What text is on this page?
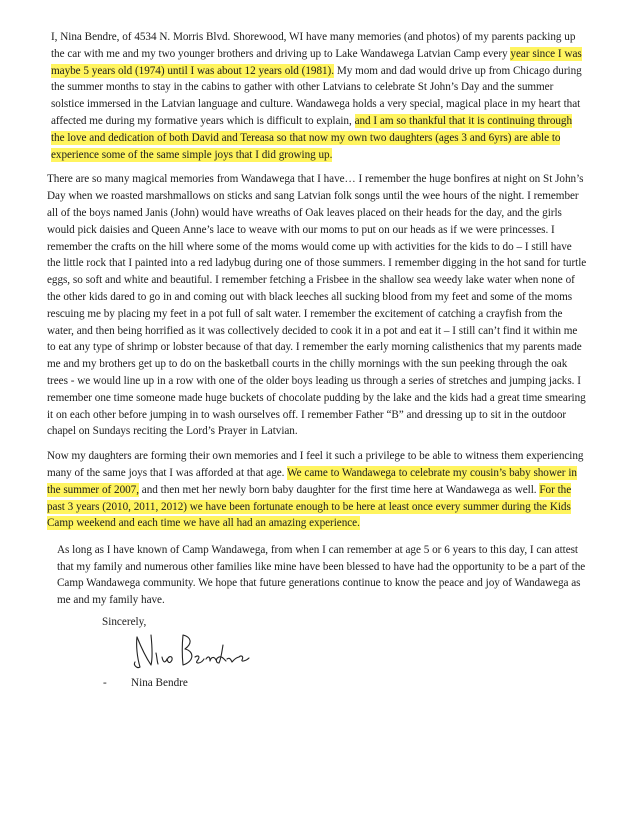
I, Nina Bendre, of 4534 N. Morris Blvd. Shorewood, WI have many memories (and photos) of my parents packing up the car with me and my two younger brothers and driving up to Lake Wandawega Latvian Camp every year since I was maybe 5 years old (1974) until I was about 12 years old (1981). My mom and dad would drive up from Chicago during the summer months to stay in the cabins to gather with other Latvians to celebrate St John’s Day and the summer solstice immersed in the Latvian language and culture. Wandawega holds a very special, magical place in my heart that affected me during my formative years which is difficult to explain, and I am so thankful that it is continuing through the love and dedication of both David and Tereasa so that now my own two daughters (ages 3 and 6yrs) are able to experience some of the same simple joys that I did growing up.

There are so many magical memories from Wandawega that I have… I remember the huge bonfires at night on St John’s Day when we roasted marshmallows on sticks and sang Latvian folk songs until the wee hours of the night. I remember all of the boys named Janis (John) would have wreaths of Oak leaves placed on their heads for the day, and the girls would pick daisies and Queen Anne’s lace to weave with our moms to put on our heads as if we were princesses. I remember the crafts on the hill where some of the moms would come up with activities for the kids to do – I still have the little rock that I painted into a red ladybug during one of those summers. I remember digging in the hot sand for turtle eggs, so soft and white and beautiful. I remember fetching a Frisbee in the shallow sea weedy lake water when none of the other kids dared to go in and coming out with black leeches all sucking blood from my feet and some of the moms rescuing me by placing my feet in a pot full of salt water. I remember the excitement of catching a crayfish from the water, and then being horrified as it was collectively decided to cook it in a pot and eat it – I still can’t find it within me to eat any type of shrimp or lobster because of that day. I remember the early morning calisthenics that my parents made me and my brothers get up to do on the basketball courts in the chilly mornings with the sun peeking through the oak trees - we would line up in a row with one of the older boys leading us through a series of stretches and jumping jacks. I remember one time someone made huge buckets of chocolate pudding by the lake and the kids had a great time smearing it on each other before jumping in to wash ourselves off. I remember Father “B” and dressing up to sit in the outdoor chapel on Sundays reciting the Lord’s Prayer in Latvian.

Now my daughters are forming their own memories and I feel it such a privilege to be able to witness them experiencing many of the same joys that I was afforded at that age. We came to Wandawega to celebrate my cousin’s baby shower in the summer of 2007, and then met her newly born baby daughter for the first time here at Wandawega as well. For the past 3 years (2010, 2011, 2012) we have been fortunate enough to be here at least once every summer during the Kids Camp weekend and each time we have all had an amazing experience.

As long as I have known of Camp Wandawega, from when I can remember at age 5 or 6 years to this day, I can attest that my family and numerous other families like mine have been blessed to have had the opportunity to be a part of the Camp Wandawega community. We hope that future generations continue to know the peace and joy of Wandawega as me and my family have.

Sincerely,
- Nina Bendre
